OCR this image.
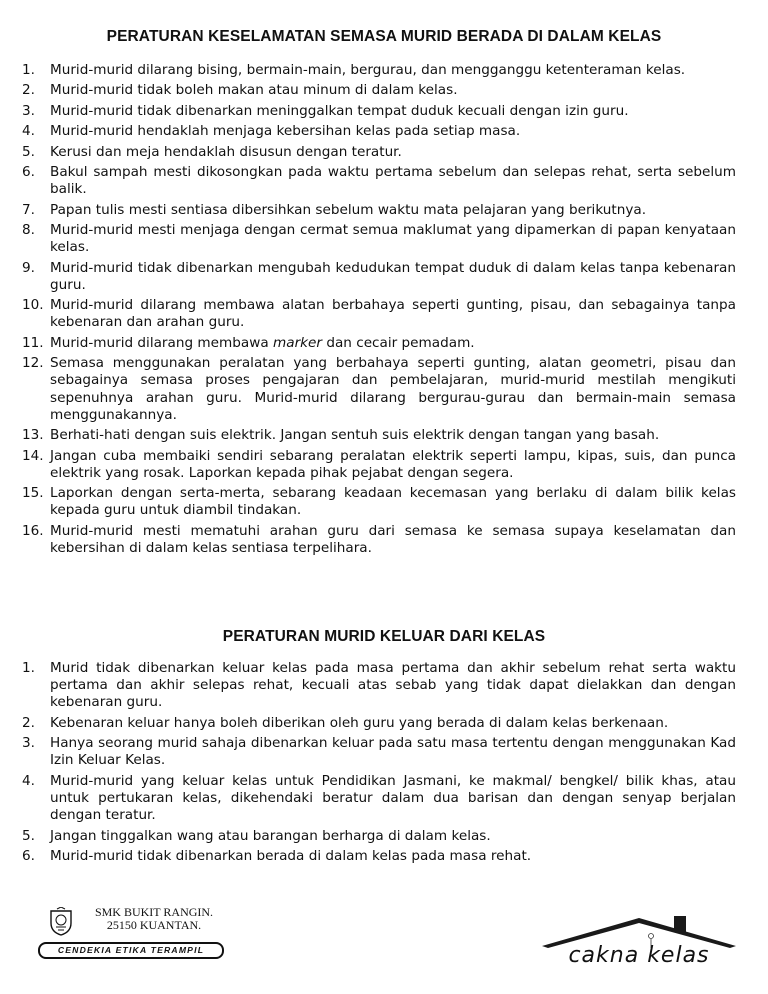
PERATURAN KESELAMATAN SEMASA MURID BERADA DI DALAM KELAS
1. Murid-murid dilarang bising, bermain-main, bergurau, dan mengganggu ketenteraman kelas.
2. Murid-murid tidak boleh makan atau minum di dalam kelas.
3. Murid-murid tidak dibenarkan meninggalkan tempat duduk kecuali dengan izin guru.
4. Murid-murid hendaklah menjaga kebersihan kelas pada setiap masa.
5. Kerusi dan meja hendaklah disusun dengan teratur.
6. Bakul sampah mesti dikosongkan pada waktu pertama sebelum dan selepas rehat, serta sebelum balik.
7. Papan tulis mesti sentiasa dibersihkan sebelum waktu mata pelajaran yang berikutnya.
8. Murid-murid mesti menjaga dengan cermat semua maklumat yang dipamerkan di papan kenyataan kelas.
9. Murid-murid tidak dibenarkan mengubah kedudukan tempat duduk di dalam kelas tanpa kebenaran guru.
10. Murid-murid dilarang membawa alatan berbahaya seperti gunting, pisau, dan sebagainya tanpa kebenaran dan arahan guru.
11. Murid-murid dilarang membawa marker dan cecair pemadam.
12. Semasa menggunakan peralatan yang berbahaya seperti gunting, alatan geometri, pisau dan sebagainya semasa proses pengajaran dan pembelajaran, murid-murid mestilah mengikuti sepenuhnya arahan guru. Murid-murid dilarang bergurau-gurau dan bermain-main semasa menggunakannya.
13. Berhati-hati dengan suis elektrik. Jangan sentuh suis elektrik dengan tangan yang basah.
14. Jangan cuba membaiki sendiri sebarang peralatan elektrik seperti lampu, kipas, suis, dan punca elektrik yang rosak. Laporkan kepada pihak pejabat dengan segera.
15. Laporkan dengan serta-merta, sebarang keadaan kecemasan yang berlaku di dalam bilik kelas kepada guru untuk diambil tindakan.
16. Murid-murid mesti mematuhi arahan guru dari semasa ke semasa supaya keselamatan dan kebersihan di dalam kelas sentiasa terpelihara.
PERATURAN MURID KELUAR DARI KELAS
1. Murid tidak dibenarkan keluar kelas pada masa pertama dan akhir sebelum rehat serta waktu pertama dan akhir selepas rehat, kecuali atas sebab yang tidak dapat dielakkan dan dengan kebenaran guru.
2. Kebenaran keluar hanya boleh diberikan oleh guru yang berada di dalam kelas berkenaan.
3. Hanya seorang murid sahaja dibenarkan keluar pada satu masa tertentu dengan menggunakan Kad Izin Keluar Kelas.
4. Murid-murid yang keluar kelas untuk Pendidikan Jasmani, ke makmal/ bengkel/ bilik khas, atau untuk pertukaran kelas, dikehendaki beratur dalam dua barisan dan dengan senyap berjalan dengan teratur.
5. Jangan tinggalkan wang atau barangan berharga di dalam kelas.
6. Murid-murid tidak dibenarkan berada di dalam kelas pada masa rehat.
SMK BUKIT RANGIN.
25150 KUANTAN.
CENDEKIA ETIKA TERAMPIL	cakna kelas
